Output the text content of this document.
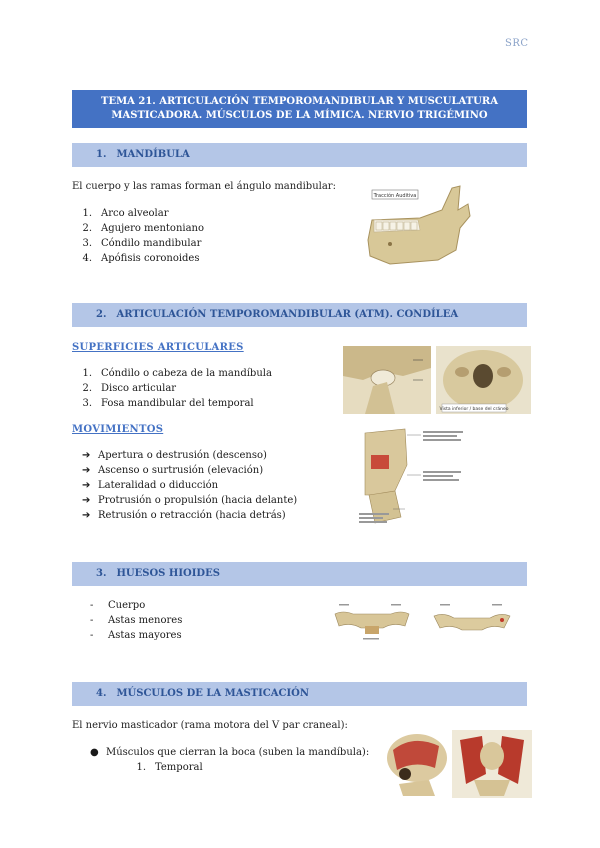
SRC
TEMA 21. ARTICULACIÓN TEMPOROMANDIBULAR Y MUSCULATURA
MASTICADORA. MÚSCULOS DE LA MÍMICA. NERVIO TRIGÉMINO
1. MANDÍBULA
El cuerpo y las ramas forman el ángulo mandibular:
1. Arco alveolar
2. Agujero mentoniano
3. Cóndilo mandibular
4. Apófisis coronoides
Tracción Auditiva
2. ARTICULACIÓN TEMPOROMANDIBULAR (ATM). CONDÍLEA
SUPERFICIES ARTICULARES
1. Cóndilo o cabeza de la mandíbula
2. Disco articular
3. Fosa mandibular del temporal
MOVIMIENTOS
➔ Apertura o destrusión (descenso)
➔ Ascenso o surtrusión (elevación)
➔ Lateralidad o diducción
➔ Protrusión o propulsión (hacia delante)
➔ Retrusión o retracción (hacia detrás)
Vista inferior / base del cráneo
3. HUESOS HIOIDES
-	Cuerpo
-	Astas menores
-	Astas mayores
4. MÚSCULOS DE LA MASTICACIÓN
El nervio masticador (rama motora del V par craneal):
● Músculos que cierran la boca (suben la mandíbula):
1. Temporal
